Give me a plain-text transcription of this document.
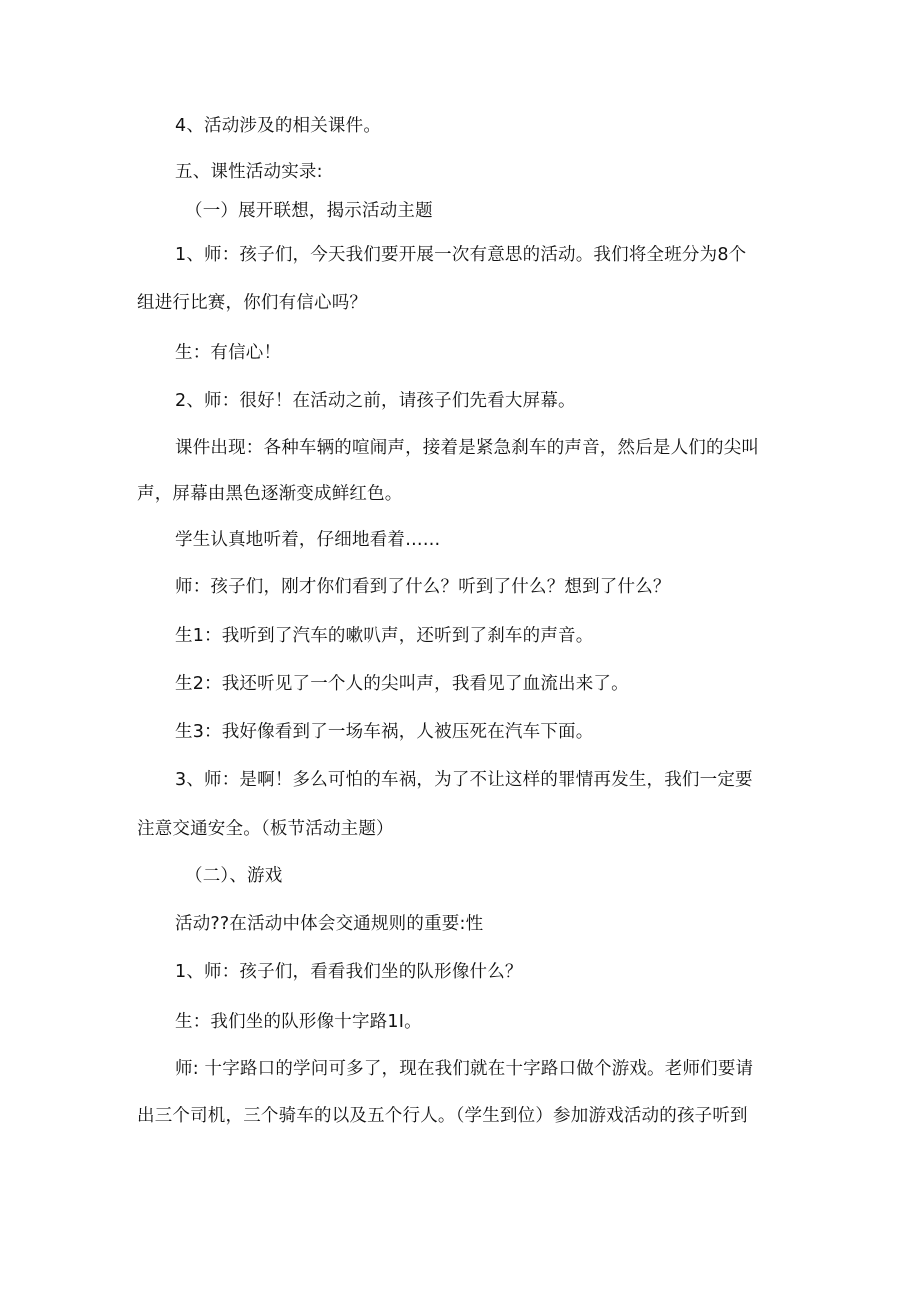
4、活动涉及的相关课件。
五、课性活动实录:
（一）展开联想，揭示活动主题
1、师：孩子们，今天我们要开展一次有意思的活动。我们将全班分为8个
组进行比赛，你们有信心吗？
生：有信心！
2、师：很好！在活动之前，请孩子们先看大屏幕。
课件出现：各种车辆的喧闹声，接着是紧急刹车的声音，然后是人们的尖叫
声，屏幕由黑色逐渐变成鲜红色。
学生认真地听着，仔细地看着……
师：孩子们，刚才你们看到了什么？听到了什么？想到了什么？
生1：我听到了汽车的嗽叭声，还听到了刹车的声音。
生2：我还听见了一个人的尖叫声，我看见了血流出来了。
生3：我好像看到了一场车祸，人被压死在汽车下面。
3、师：是啊！多么可怕的车祸，为了不让这样的罪情再发生，我们一定要
注意交通安全。（板节活动主题）
（二）、游戏
活动??在活动中体会交通规则的重要:性
1、师：孩子们，看看我们坐的队形像什么？
生：我们坐的队形像十字路1I。
师: 十字路口的学问可多了，现在我们就在十字路口做个游戏。老师们要请
出三个司机，三个骑车的以及五个行人。（学生到位）参加游戏活动的孩子听到
